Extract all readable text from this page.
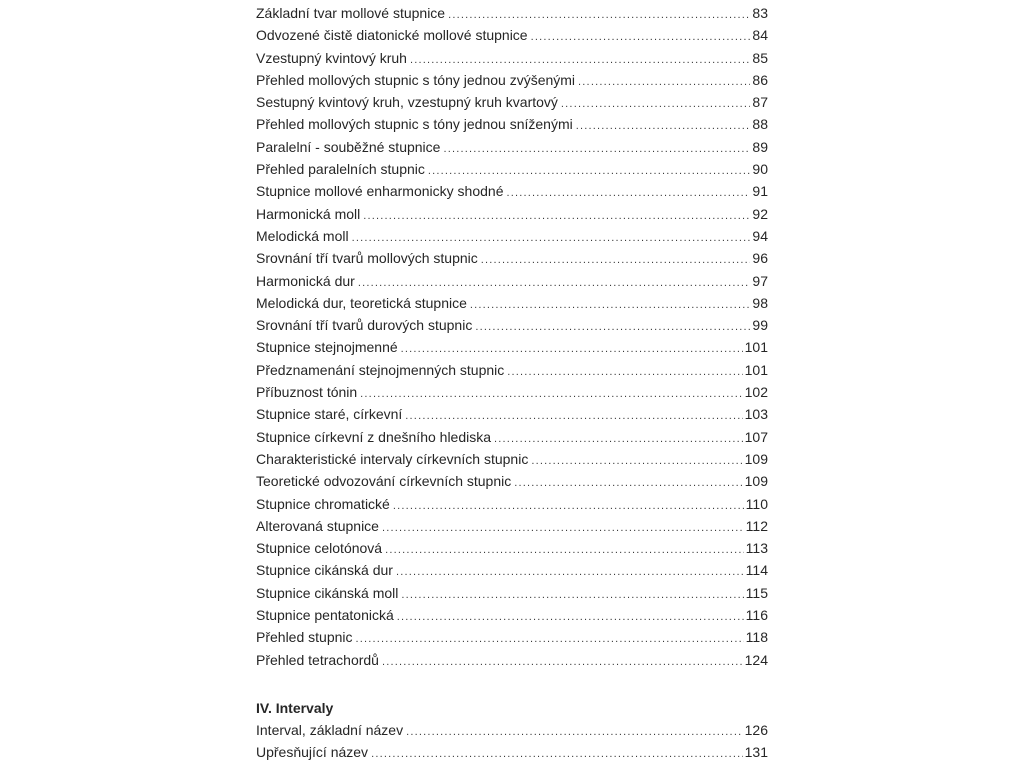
Základní tvar mollové stupnice .....	83
Odvozené čistě diatonické mollové stupnice .....	84
Vzestupný kvintový kruh .....	85
Přehled mollových stupnic s tóny jednou zvýšenými .....	86
Sestupný kvintový kruh, vzestupný kruh kvartový .....	87
Přehled mollových stupnic s tóny jednou sníženými .....	88
Paralelní - souběžné stupnice .....	89
Přehled paralelních stupnic .....	90
Stupnice mollové enharmonicky shodné .....	91
Harmonická moll .....	92
Melodická moll .....	94
Srovnání tří tvarů mollových stupnic .....	96
Harmonická dur .....	97
Melodická dur, teoretická stupnice .....	98
Srovnání tří tvarů durových stupnic .....	99
Stupnice stejnojmenné .....	101
Předznamenání stejnojmenných stupnic .....	101
Příbuznost tónin .....	102
Stupnice staré, církevní .....	103
Stupnice církevní z dnešního hlediska .....	107
Charakteristické intervaly církevních stupnic .....	109
Teoretické odvozování církevních stupnic .....	109
Stupnice chromatické .....	110
Alterovaná stupnice .....	112
Stupnice celotónová .....	113
Stupnice cikánská dur .....	114
Stupnice cikánská moll .....	115
Stupnice pentatonická .....	116
Přehled stupnic .....	118
Přehled tetrachordů .....	124
IV. Intervaly
Interval, základní název .....	126
Upřesňující název .....	131
